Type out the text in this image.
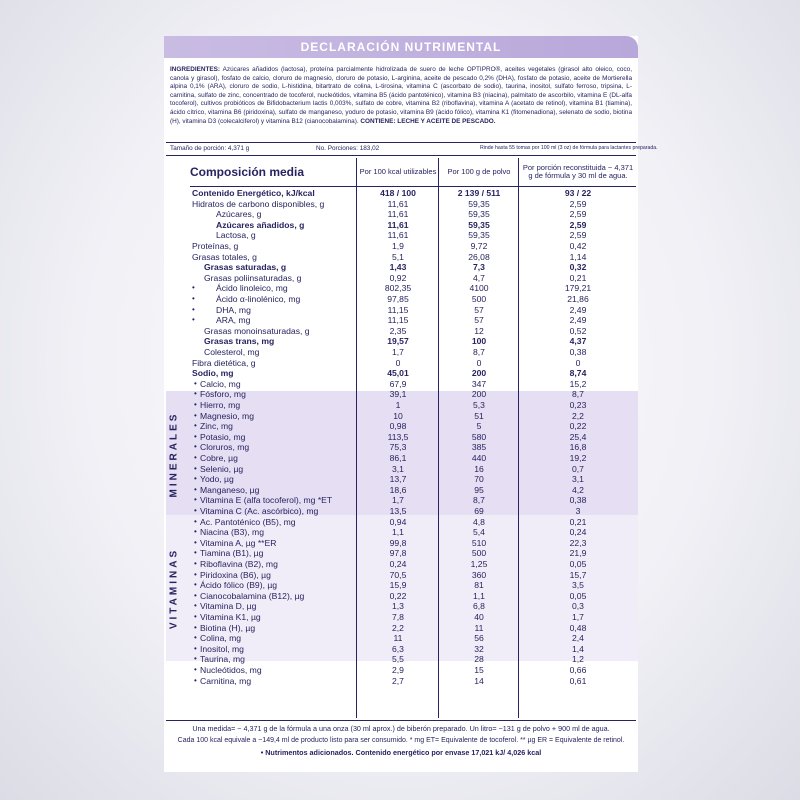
DECLARACIÓN NUTRIMENTAL
INGREDIENTES: Azúcares añadidos (lactosa), proteína parcialmente hidrolizada de suero de leche OPTIPRO®, aceites vegetales (girasol alto oleico, coco, canola y girasol), fosfato de calcio, cloruro de magnesio, cloruro de potasio, L-arginina, aceite de pescado 0,2% (DHA), fosfato de potasio, aceite de Mortierella alpina 0,1% (ARA), cloruro de sodio, L-histidina, bitartrato de colina, L-tirosina, vitamina C (ascorbato de sodio), taurina, inositol, sulfato ferroso, tripsina, L-carnitina, sulfato de zinc, concentrado de tocoferol, nucleótidos, vitamina B5 (ácido pantoténico), vitamina B3 (niacina), palmitato de ascorbilo, vitamina E (DL-alfa tocoferol), cultivos probióticos de Bifidobacterium lactis 0,003%, sulfato de cobre, vitamina B2 (riboflavina), vitamina A (acetato de retinol), vitamina B1 (tiamina), ácido cítrico, vitamina B6 (piridoxina), sulfato de manganeso, yoduro de potasio, vitamina B9 (ácido fólico), vitamina K1 (fitomenadiona), selenato de sodio, biotina (H), vitamina D3 (colecalciferol) y vitamina B12 (cianocobalamina). CONTIENE: LECHE Y ACEITE DE PESCADO.
Tamaño de porción: 4,371 g	No. Porciones: 183,02	Rinde hasta 55 tomas por 100 ml (3 oz) de fórmula para lactantes preparada.
MINERALES
VITAMINAS
Composición media	Por 100 kcal utilizables	Por 100 g de polvo	Por porción reconstituida ~ 4,371 g de fórmula y 30 ml de agua.
Contenido Energético, kJ/kcal	418 / 100	2 139 / 511	93 / 22
Hidratos de carbono disponibles, g	11,61	59,35	2,59
Azúcares, g	11,61	59,35	2,59
Azúcares añadidos, g	11,61	59,35	2,59
Lactosa, g	11,61	59,35	2,59
Proteínas, g	1,9	9,72	0,42
Grasas totales, g	5,1	26,08	1,14
Grasas saturadas, g	1,43	7,3	0,32
Grasas poliinsaturadas, g	0,92	4,7	0,21
• Ácido linoleico, mg	802,35	4100	179,21
• Ácido α-linolénico, mg	97,85	500	21,86
• DHA, mg	11,15	57	2,49
• ARA, mg	11,15	57	2,49
Grasas monoinsaturadas, g	2,35	12	0,52
Grasas trans, mg	19,57	100	4,37
Colesterol, mg	1,7	8,7	0,38
Fibra dietética, g	0	0	0
Sodio, mg	45,01	200	8,74
• Calcio, mg	67,9	347	15,2
• Fósforo, mg	39,1	200	8,7
• Hierro, mg	1	5,3	0,23
• Magnesio, mg	10	51	2,2
• Zinc, mg	0,98	5	0,22
• Potasio, mg	113,5	580	25,4
• Cloruros, mg	75,3	385	16,8
• Cobre, µg	86,1	440	19,2
• Selenio, µg	3,1	16	0,7
• Yodo, µg	13,7	70	3,1
• Manganeso, µg	18,6	95	4,2
• Vitamina E (alfa tocoferol), mg *ET	1,7	8,7	0,38
• Vitamina C (Ac. ascórbico), mg	13,5	69	3
• Ac. Pantoténico (B5), mg	0,94	4,8	0,21
• Niacina (B3), mg	1,1	5,4	0,24
• Vitamina A, µg **ER	99,8	510	22,3
• Tiamina (B1), µg	97,8	500	21,9
• Riboflavina (B2), mg	0,24	1,25	0,05
• Piridoxina (B6), µg	70,5	360	15,7
• Ácido fólico (B9), µg	15,9	81	3,5
• Cianocobalamina (B12), µg	0,22	1,1	0,05
• Vitamina D, µg	1,3	6,8	0,3
• Vitamina K1, µg	7,8	40	1,7
• Biotina (H), µg	2,2	11	0,48
• Colina, mg	11	56	2,4
• Inositol, mg	6,3	32	1,4
• Taurina, mg	5,5	28	1,2
• Nucleótidos, mg	2,9	15	0,66
• Carnitina, mg	2,7	14	0,61
Una medida= ~ 4,371 g de la fórmula a una onza (30 ml aprox.) de biberón preparado. Un litro= ~131 g de polvo + 900 ml de agua.
Cada 100 kcal equivale a ~149,4 ml de producto listo para ser consumido. * mg ET= Equivalente de tocoferol. ** µg ER = Equivalente de retinol.
• Nutrimentos adicionados. Contenido energético por envase 17,021 kJ/ 4,026 kcal
